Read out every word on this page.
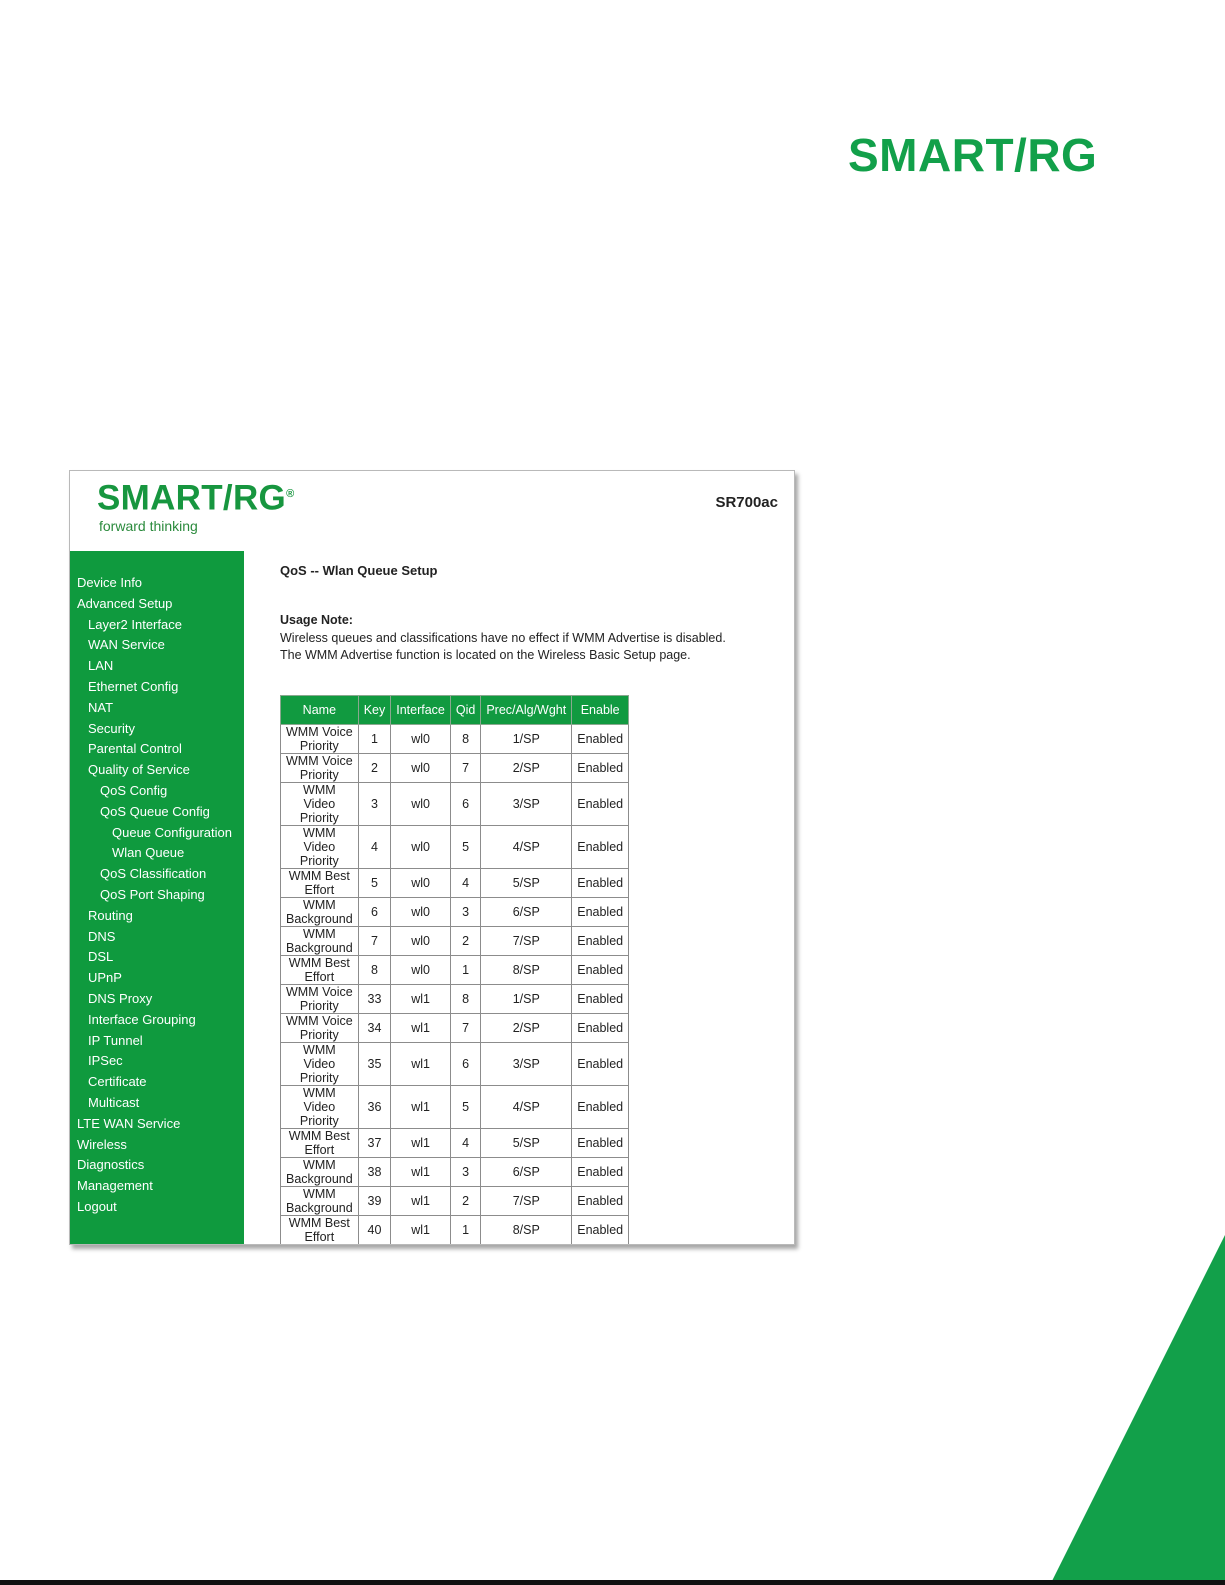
SMART/RG
SMART/RG®
forward thinking
SR700ac
Device Info
Advanced Setup
Layer2 Interface
WAN Service
LAN
Ethernet Config
NAT
Security
Parental Control
Quality of Service
QoS Config
QoS Queue Config
Queue Configuration
Wlan Queue
QoS Classification
QoS Port Shaping
Routing
DNS
DSL
UPnP
DNS Proxy
Interface Grouping
IP Tunnel
IPSec
Certificate
Multicast
LTE WAN Service
Wireless
Diagnostics
Management
Logout
QoS -- Wlan Queue Setup
Usage Note:
Wireless queues and classifications have no effect if WMM Advertise is disabled.
The WMM Advertise function is located on the Wireless Basic Setup page.
Name	Key	Interface	Qid	Prec/Alg/Wght	Enable
WMM Voice Priority	1	wl0	8	1/SP	Enabled
WMM Voice Priority	2	wl0	7	2/SP	Enabled
WMM Video Priority	3	wl0	6	3/SP	Enabled
WMM Video Priority	4	wl0	5	4/SP	Enabled
WMM Best Effort	5	wl0	4	5/SP	Enabled
WMM Background	6	wl0	3	6/SP	Enabled
WMM Background	7	wl0	2	7/SP	Enabled
WMM Best Effort	8	wl0	1	8/SP	Enabled
WMM Voice Priority	33	wl1	8	1/SP	Enabled
WMM Voice Priority	34	wl1	7	2/SP	Enabled
WMM Video Priority	35	wl1	6	3/SP	Enabled
WMM Video Priority	36	wl1	5	4/SP	Enabled
WMM Best Effort	37	wl1	4	5/SP	Enabled
WMM Background	38	wl1	3	6/SP	Enabled
WMM Background	39	wl1	2	7/SP	Enabled
WMM Best Effort	40	wl1	1	8/SP	Enabled
